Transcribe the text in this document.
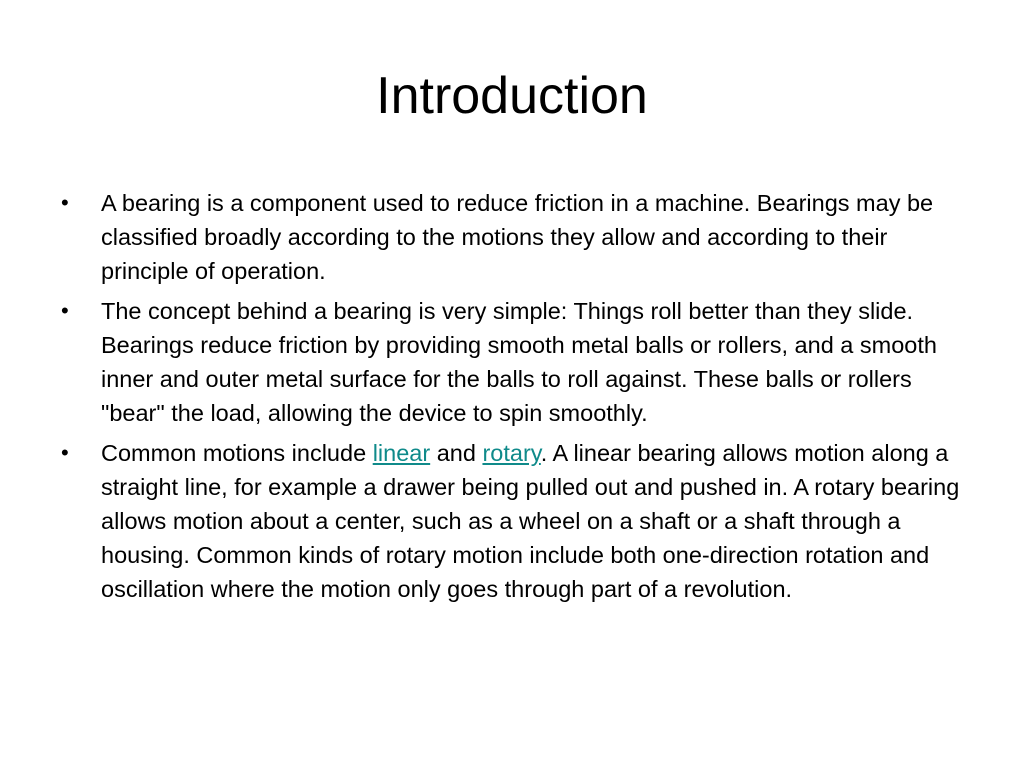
Introduction
• A bearing is a component used to reduce friction in a machine. Bearings may be classified broadly according to the motions they allow and according to their principle of operation.
• The concept behind a bearing is very simple: Things roll better than they slide. Bearings reduce friction by providing smooth metal balls or rollers, and a smooth inner and outer metal surface for the balls to roll against. These balls or rollers "bear" the load, allowing the device to spin smoothly.
• Common motions include linear and rotary. A linear bearing allows motion along a straight line, for example a drawer being pulled out and pushed in. A rotary bearing allows motion about a center, such as a wheel on a shaft or a shaft through a housing. Common kinds of rotary motion include both one-direction rotation and oscillation where the motion only goes through part of a revolution.
